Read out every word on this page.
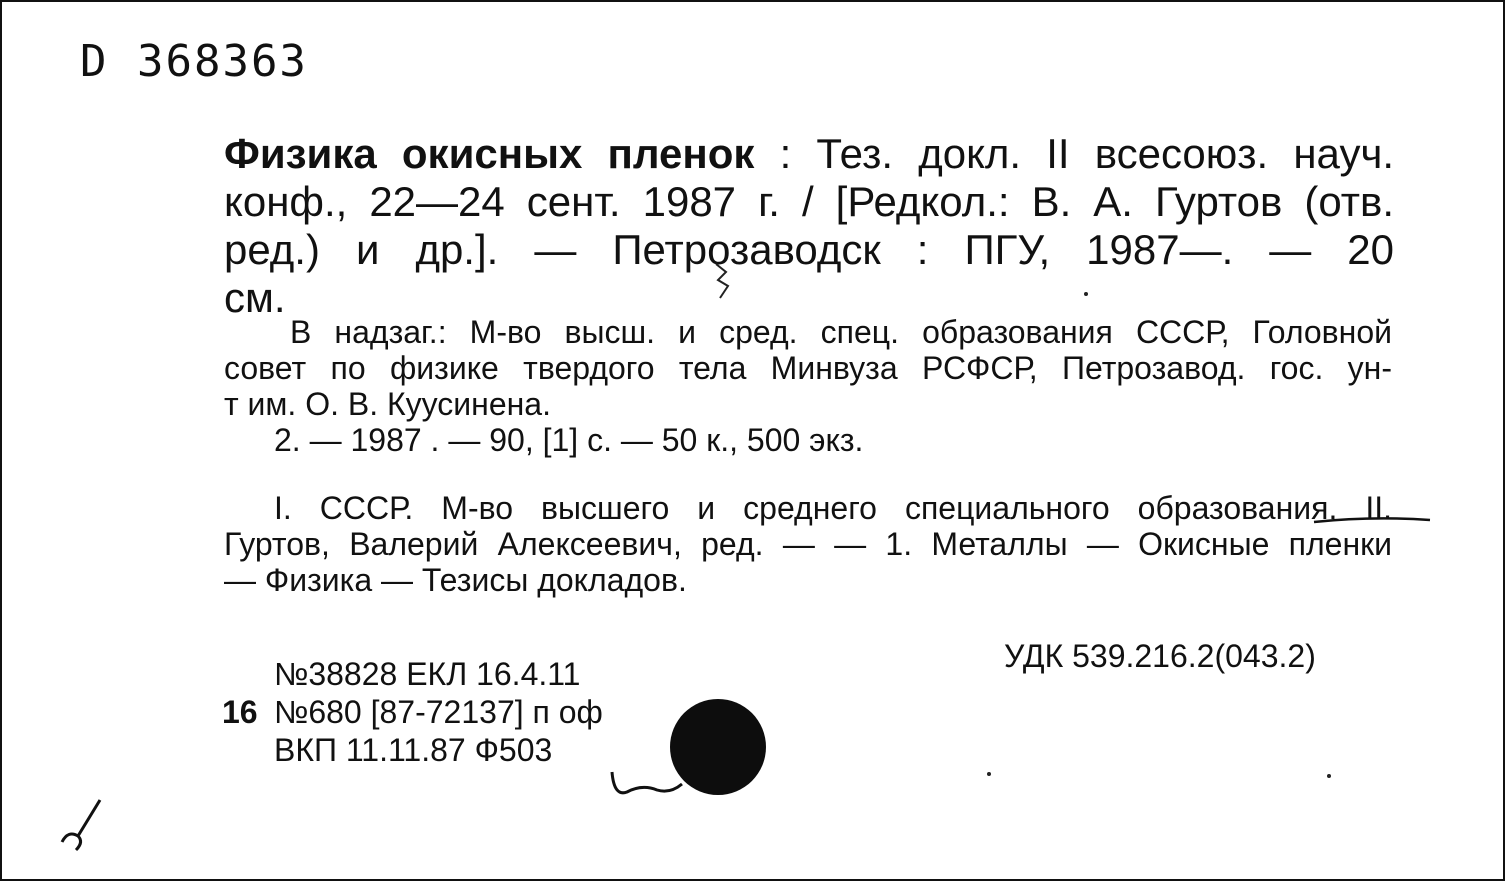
D 368363
Физика окисных пленок : Тез. докл. II всесоюз. науч.
конф., 22—24 сент. 1987 г. / [Редкол.: В. А. Гуртов (отв.
ред.) и др.]. — Петрозаводск : ПГУ, 1987—. — 20
см.
В надзаг.: М-во высш. и сред. спец. образования СССР, Головной
совет по физике твердого тела Минвуза РСФСР, Петрозавод. гос. ун-
т им. О. В. Куусинена.
2. — 1987 . — 90, [1] с. — 50 к., 500 экз.
I. СССР. М-во высшего и среднего специального образования. II.
Гуртов, Валерий Алексеевич, ред. — — 1. Металлы — Окисные пленки
— Физика — Тезисы докладов.
УДК 539.216.2(043.2)
№38828 ЕКЛ 16.4.11
16 №680 [87-72137] п оф
ВКП 11.11.87 Ф503
